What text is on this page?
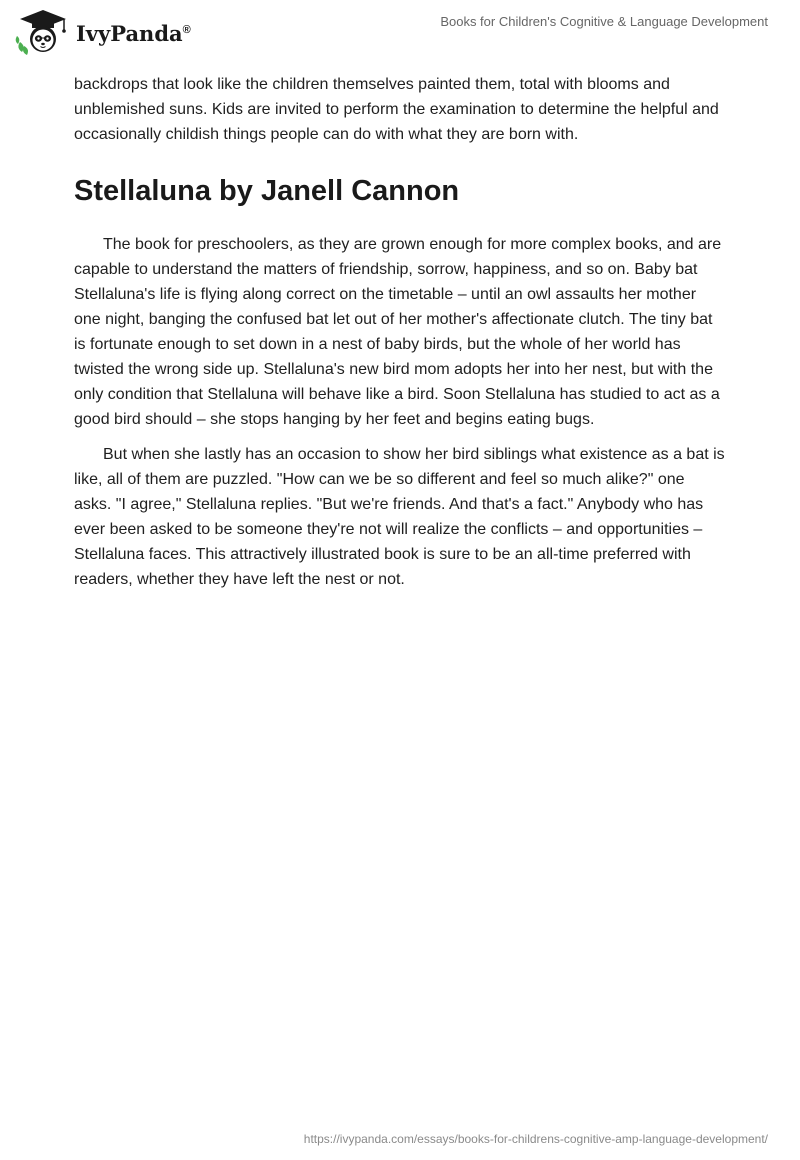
IvyPanda®
Books for Children's Cognitive & Language Development

backdrops that look like the children themselves painted them, total with blooms and unblemished suns. Kids are invited to perform the examination to determine the helpful and occasionally childish things people can do with what they are born with.

Stellaluna by Janell Cannon

The book for preschoolers, as they are grown enough for more complex books, and are capable to understand the matters of friendship, sorrow, happiness, and so on. Baby bat Stellaluna's life is flying along correct on the timetable – until an owl assaults her mother one night, banging the confused bat let out of her mother's affectionate clutch. The tiny bat is fortunate enough to set down in a nest of baby birds, but the whole of her world has twisted the wrong side up. Stellaluna's new bird mom adopts her into her nest, but with the only condition that Stellaluna will behave like a bird. Soon Stellaluna has studied to act as a good bird should – she stops hanging by her feet and begins eating bugs.

But when she lastly has an occasion to show her bird siblings what existence as a bat is like, all of them are puzzled. "How can we be so different and feel so much alike?" one asks. "I agree," Stellaluna replies. "But we're friends. And that's a fact." Anybody who has ever been asked to be someone they're not will realize the conflicts – and opportunities – Stellaluna faces. This attractively illustrated book is sure to be an all-time preferred with readers, whether they have left the nest or not.

https://ivypanda.com/essays/books-for-childrens-cognitive-amp-language-development/
